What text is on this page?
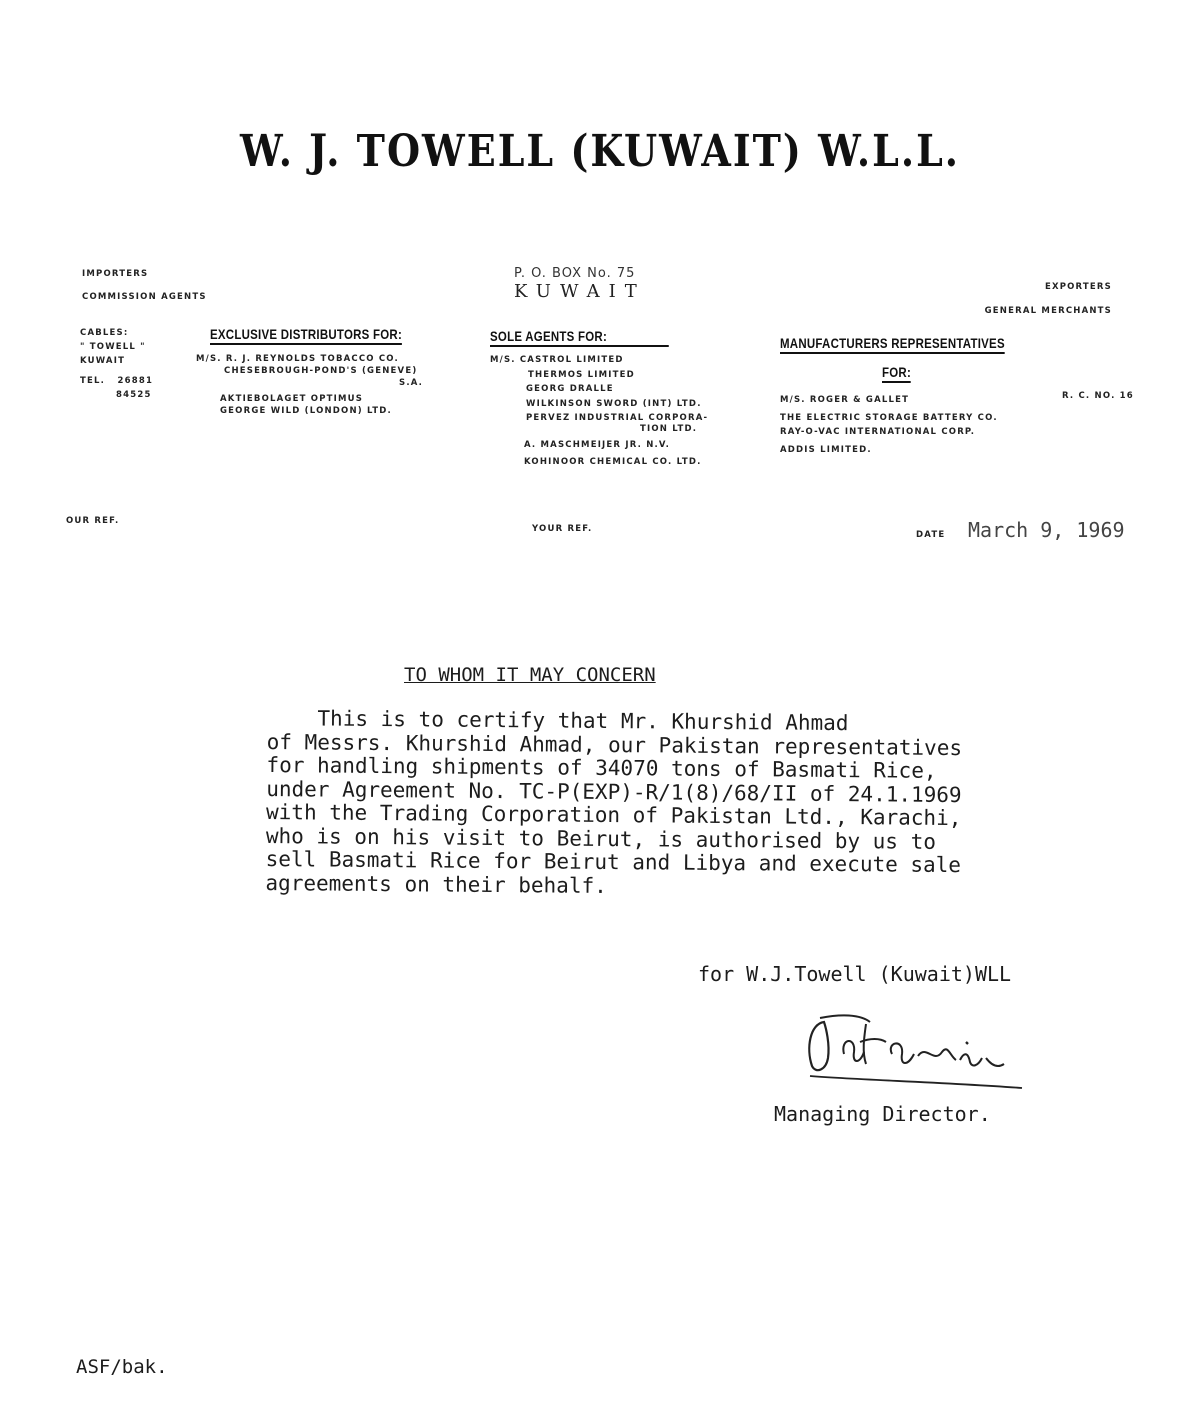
W. J. TOWELL (KUWAIT) W.L.L.
IMPORTERS
COMMISSION AGENTS
P. O. BOX No. 75
KUWAIT	EXPORTERS
GENERAL MERCHANTS
CABLES:
" TOWELL "
KUWAIT
TEL. 26881
84525
EXCLUSIVE DISTRIBUTORS FOR:
M/S. R. J. REYNOLDS TOBACCO CO.
CHESEBROUGH-POND'S (GENEVE)
S.A.
AKTIEBOLAGET OPTIMUS
GEORGE WILD (LONDON) LTD.
SOLE AGENTS FOR:
M/S. CASTROL LIMITED
THERMOS LIMITED
GEORG DRALLE
WILKINSON SWORD (INT) LTD.
PERVEZ INDUSTRIAL CORPORA-
TION LTD.
A. MASCHMEIJER JR. N.V.
KOHINOOR CHEMICAL CO. LTD.
MANUFACTURERS REPRESENTATIVES
FOR:
M/S. ROGER & GALLET
THE ELECTRIC STORAGE BATTERY CO.
RAY-O-VAC INTERNATIONAL CORP.
ADDIS LIMITED.
R. C. NO. 16
OUR REF.
YOUR REF.
DATE March 9, 1969
TO WHOM IT MAY CONCERN

This is to certify that Mr. Khurshid Ahmad

of Messrs. Khurshid Ahmad, our Pakistan representatives

for handling shipments of 34070 tons of Basmati Rice,

under Agreement No. TC-P(EXP)-R/1(8)/68/II of 24.1.1969

with the Trading Corporation of Pakistan Ltd., Karachi,

who is on his visit to Beirut, is authorised by us to

sell Basmati Rice for Beirut and Libya and execute sale

agreements on their behalf.

for W.J.Towell (Kuwait)WLL
Managing Director.
ASF/bak.
